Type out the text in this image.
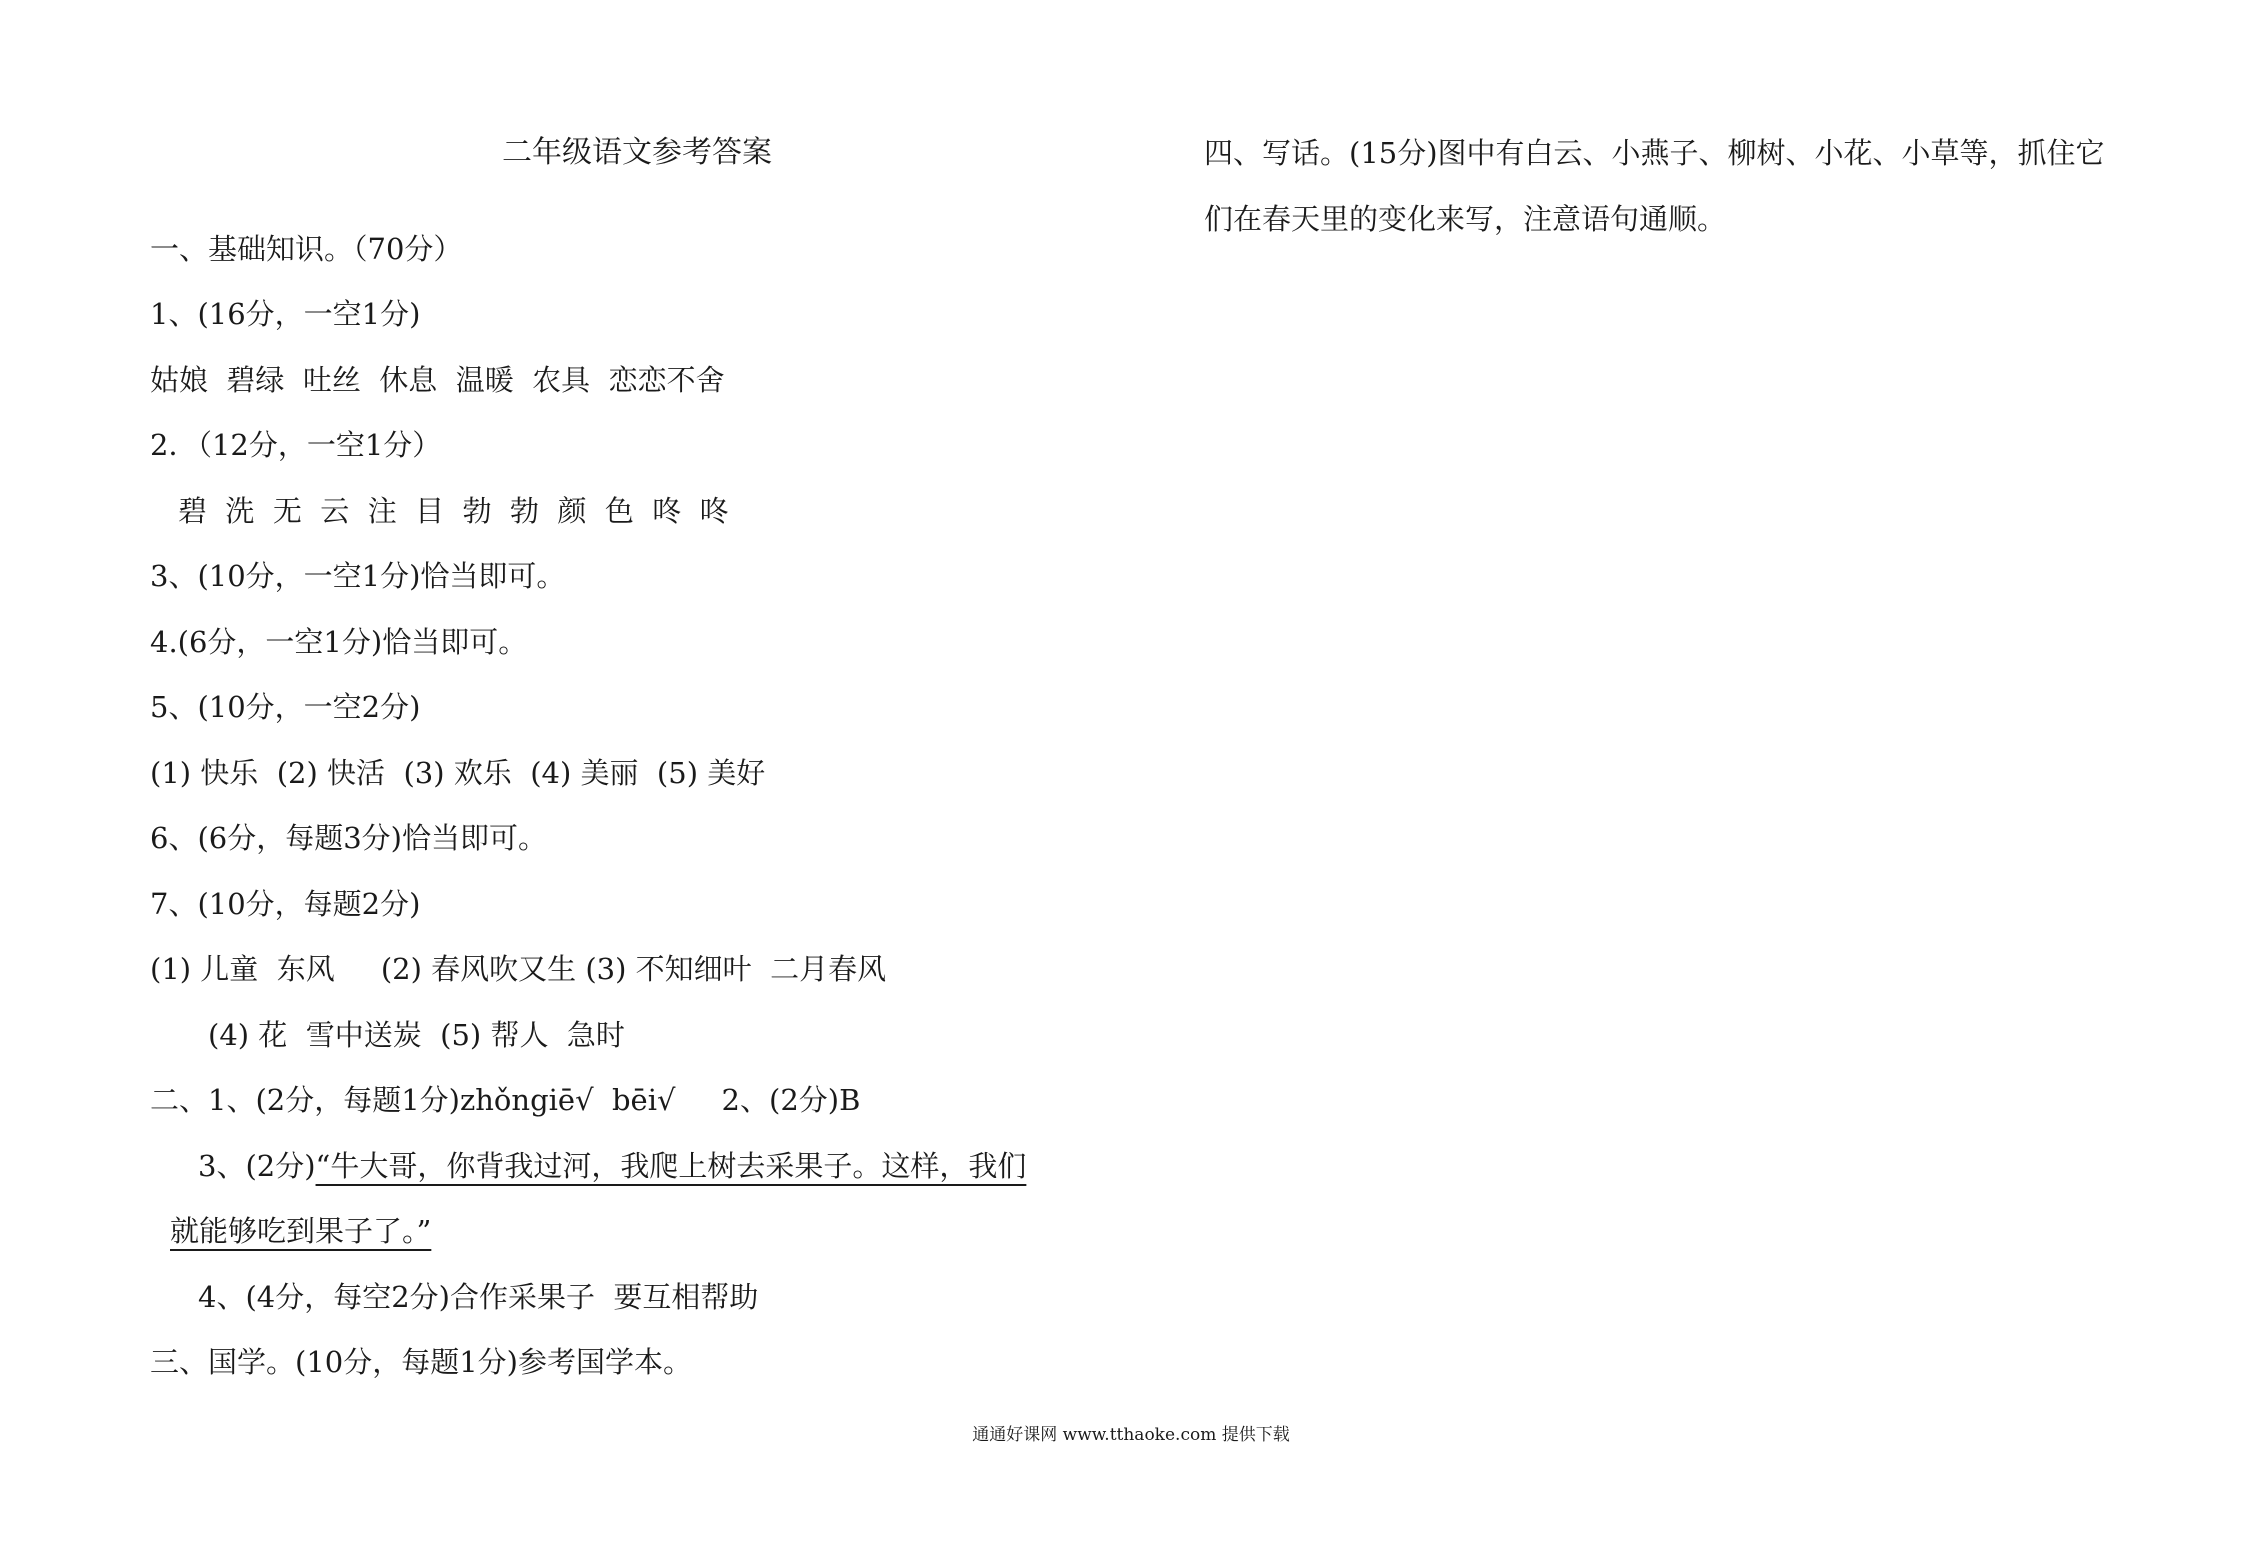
二年级语文参考答案
一、基础知识。（70分）
1、(16分，一空1分)
姑娘  碧绿  吐丝  休息  温暖  农具  恋恋不舍
2．（12分，一空1分）
碧  洗  无  云  注  目  勃  勃  颜  色  咚  咚
3、(10分，一空1分)恰当即可。
4.(6分，一空1分)恰当即可。
5、(10分，一空2分)
(1) 快乐  (2) 快活  (3) 欢乐  (4) 美丽  (5) 美好
6、(6分，每题3分)恰当即可。
7、(10分，每题2分)
(1) 儿童  东风     (2) 春风吹又生 (3) 不知细叶  二月春风
(4) 花  雪中送炭  (5) 帮人  急时
二、1、(2分，每题1分)zhǒngiē√  bēi√     2、(2分)B
3、(2分)“牛大哥，你背我过河，我爬上树去采果子。这样，我们
就能够吃到果子了。”
4、(4分，每空2分)合作采果子  要互相帮助
三、国学。(10分，每题1分)参考国学本。
四、写话。(15分)图中有白云、小燕子、柳树、小花、小草等，抓住它
们在春天里的变化来写，注意语句通顺。
通通好课网 www.tthaoke.com 提供下载
